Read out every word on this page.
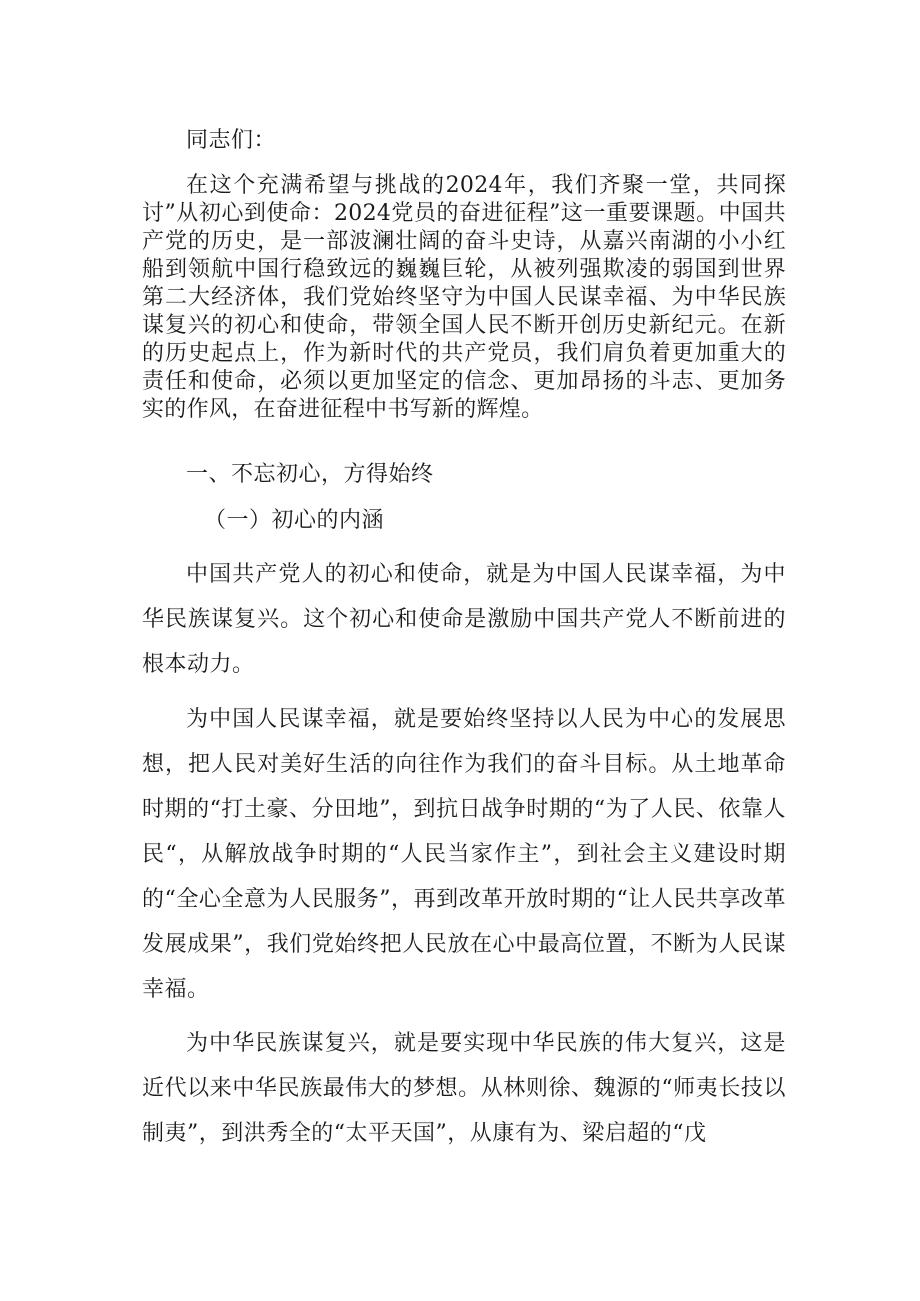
同志们：

在这个充满希望与挑战的2024年，我们齐聚一堂，共同探讨”从初心到使命：2024党员的奋进征程”这一重要课题。中国共产党的历史，是一部波澜壮阔的奋斗史诗，从嘉兴南湖的小小红船到领航中国行稳致远的巍巍巨轮，从被列强欺凌的弱国到世界第二大经济体，我们党始终坚守为中国人民谋幸福、为中华民族谋复兴的初心和使命，带领全国人民不断开创历史新纪元。在新的历史起点上，作为新时代的共产党员，我们肩负着更加重大的责任和使命，必须以更加坚定的信念、更加昂扬的斗志、更加务实的作风，在奋进征程中书写新的辉煌。

一、不忘初心，方得始终

（一）初心的内涵

中国共产党人的初心和使命，就是为中国人民谋幸福，为中华民族谋复兴。这个初心和使命是激励中国共产党人不断前进的根本动力。

为中国人民谋幸福，就是要始终坚持以人民为中心的发展思想，把人民对美好生活的向往作为我们的奋斗目标。从土地革命时期的“打土豪、分田地”，到抗日战争时期的“为了人民、依靠人民“，从解放战争时期的“人民当家作主”，到社会主义建设时期的“全心全意为人民服务”，再到改革开放时期的“让人民共享改革发展成果”，我们党始终把人民放在心中最高位置，不断为人民谋幸福。

为中华民族谋复兴，就是要实现中华民族的伟大复兴，这是近代以来中华民族最伟大的梦想。从林则徐、魏源的“师夷长技以制夷”，到洪秀全的“太平天国”，从康有为、梁启超的“戊
